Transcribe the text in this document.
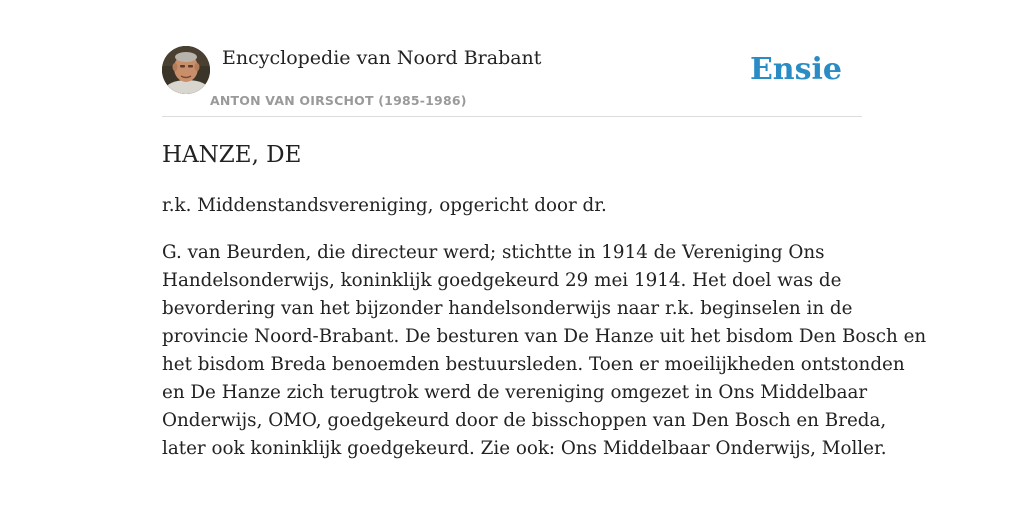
Encyclopedie van Noord Brabant
ANTON VAN OIRSCHOT (1985-1986)
Ensie
HANZE, DE

r.k. Middenstandsvereniging, opgericht door dr.

G. van Beurden, die directeur werd; stichtte in 1914 de Vereniging Ons
Handelsonderwijs, koninklijk goedgekeurd 29 mei 1914. Het doel was de
bevordering van het bijzonder handelsonderwijs naar r.k. beginselen in de
provincie Noord-Brabant. De besturen van De Hanze uit het bisdom Den Bosch en
het bisdom Breda benoemden bestuursleden. Toen er moeilijkheden ontstonden
en De Hanze zich terugtrok werd de vereniging omgezet in Ons Middelbaar
Onderwijs, OMO, goedgekeurd door de bisschoppen van Den Bosch en Breda,
later ook koninklijk goedgekeurd. Zie ook: Ons Middelbaar Onderwijs, Moller.
